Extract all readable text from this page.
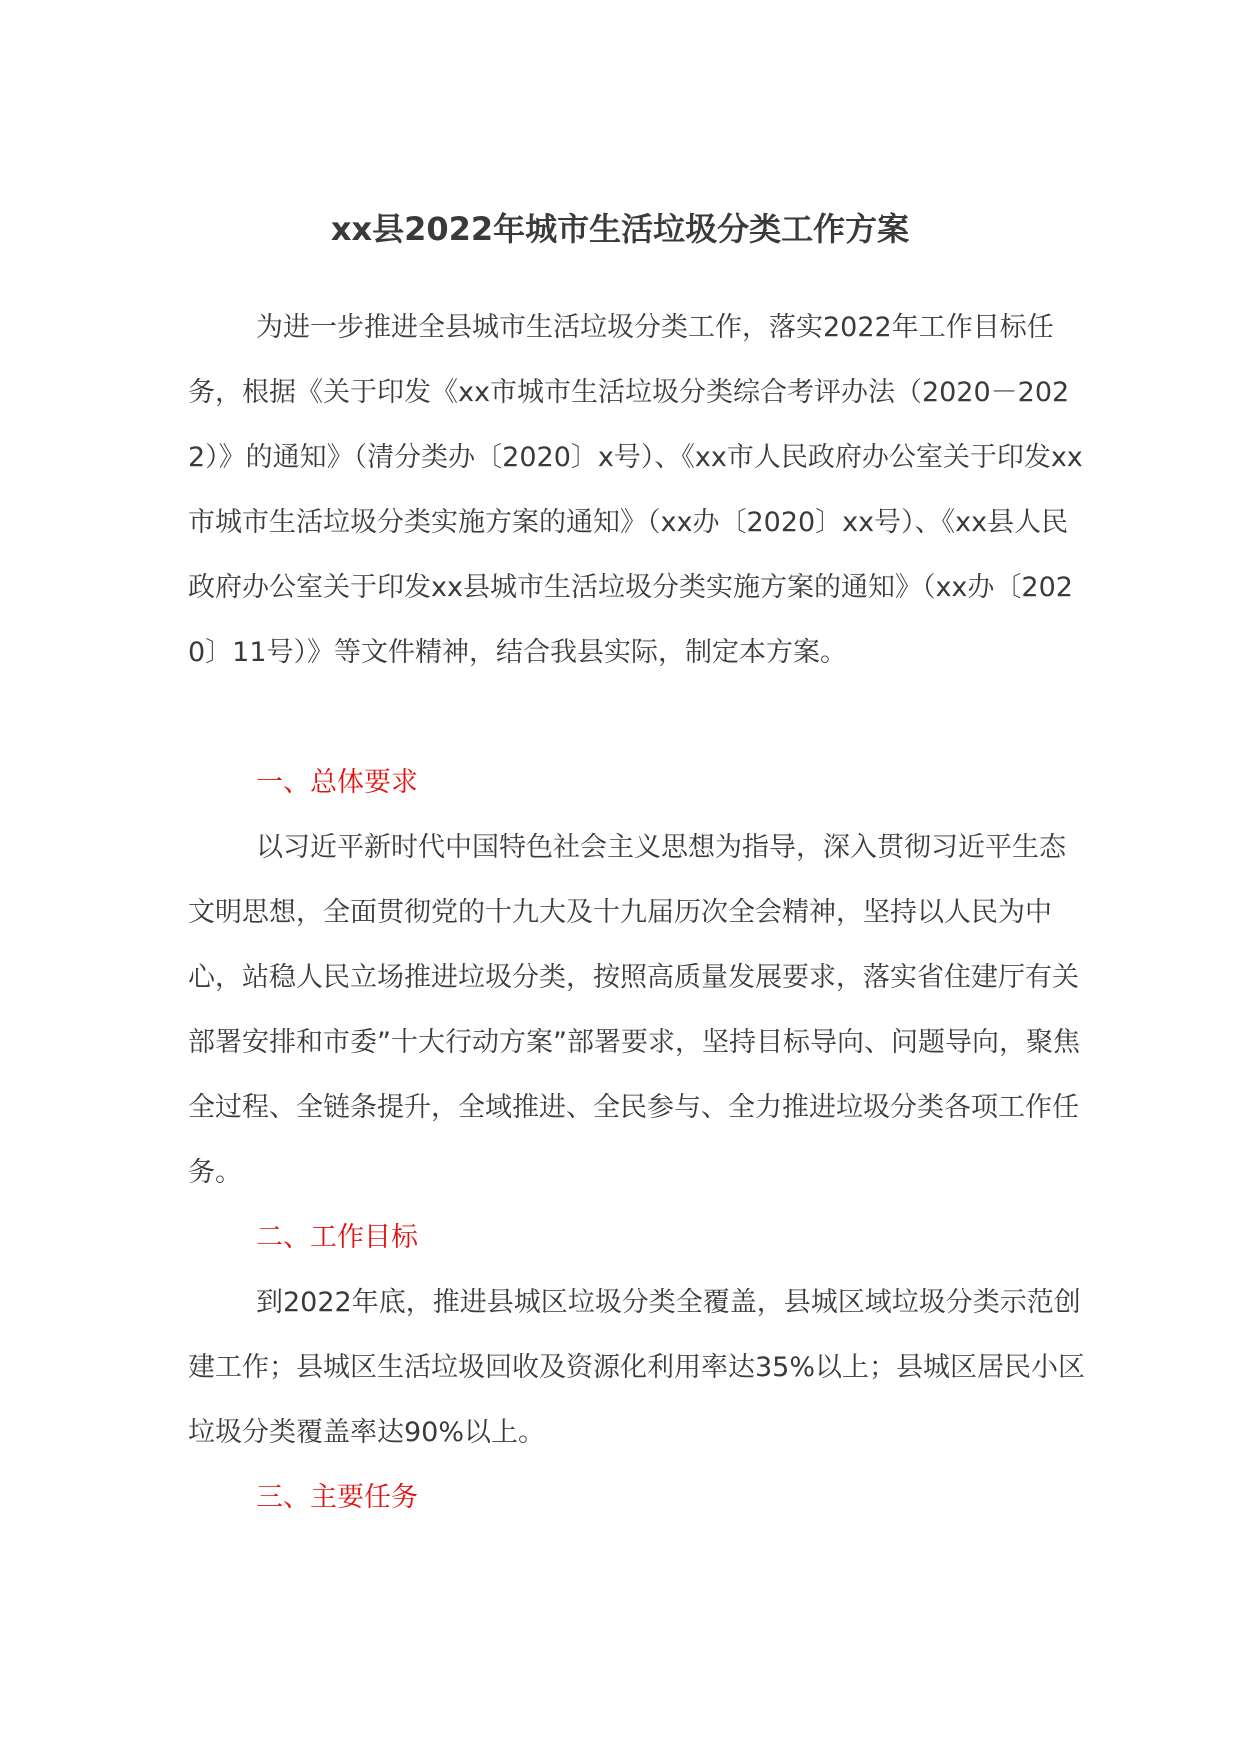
xx县2022年城市生活垃圾分类工作方案

为进一步推进全县城市生活垃圾分类工作，落实2022年工作目标任务，根据《关于印发《xx市城市生活垃圾分类综合考评办法（2020－2022）》的通知》（清分类办〔2020〕x号）、《xx市人民政府办公室关于印发xx市城市生活垃圾分类实施方案的通知》（xx办〔2020〕xx号）、《xx县人民政府办公室关于印发xx县城市生活垃圾分类实施方案的通知》（xx办〔2020〕11号）》等文件精神，结合我县实际，制定本方案。

一、总体要求

以习近平新时代中国特色社会主义思想为指导，深入贯彻习近平生态文明思想，全面贯彻党的十九大及十九届历次全会精神，坚持以人民为中心，站稳人民立场推进垃圾分类，按照高质量发展要求，落实省住建厅有关部署安排和市委”十大行动方案”部署要求，坚持目标导向、问题导向，聚焦全过程、全链条提升，全域推进、全民参与、全力推进垃圾分类各项工作任务。

二、工作目标

到2022年底，推进县城区垃圾分类全覆盖，县城区域垃圾分类示范创建工作；县城区生活垃圾回收及资源化利用率达35%以上；县城区居民小区垃圾分类覆盖率达90%以上。

三、主要任务
